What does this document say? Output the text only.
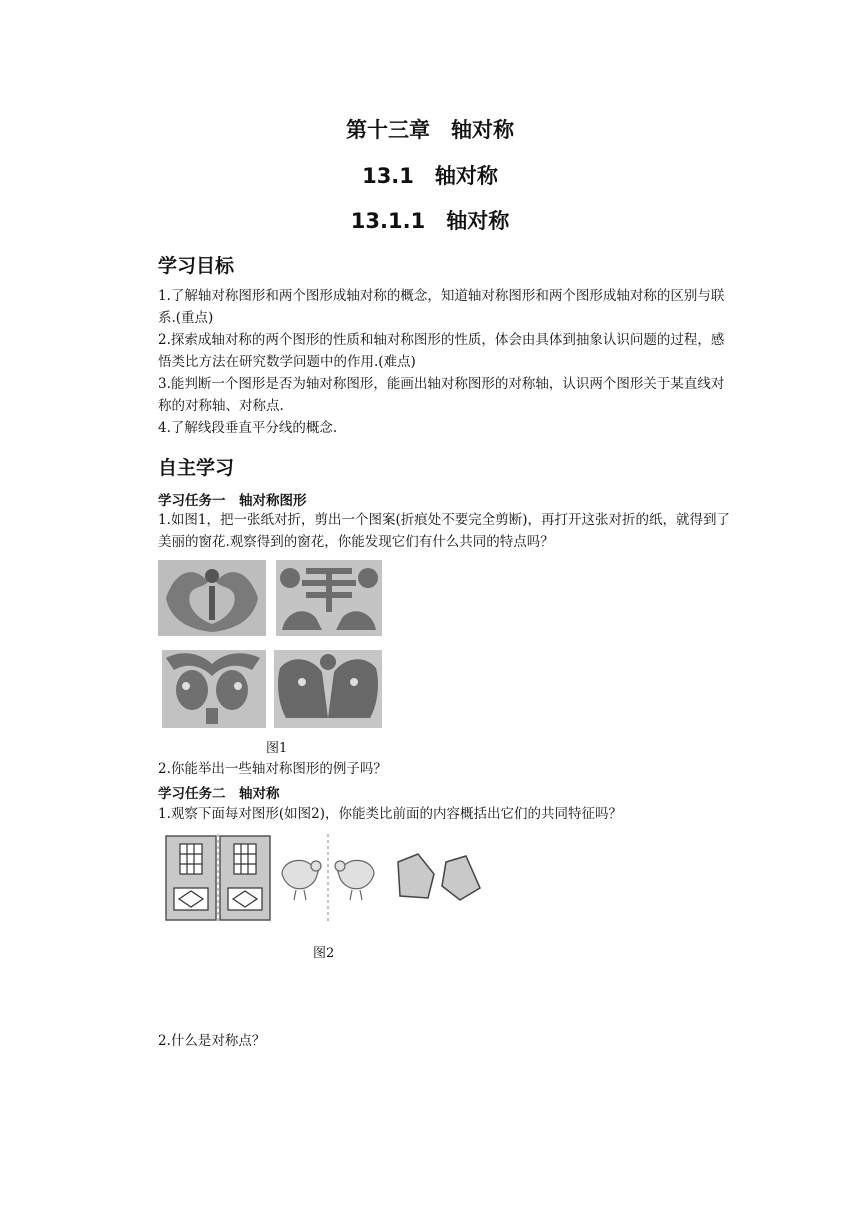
第十三章　轴对称
13.1　轴对称
13.1.1　轴对称
学习目标
1.了解轴对称图形和两个图形成轴对称的概念，知道轴对称图形和两个图形成轴对称的区别与联系.(重点)
2.探索成轴对称的两个图形的性质和轴对称图形的性质，体会由具体到抽象认识问题的过程，感悟类比方法在研究数学问题中的作用.(难点)
3.能判断一个图形是否为轴对称图形，能画出轴对称图形的对称轴，认识两个图形关于某直线对称的对称轴、对称点.
4.了解线段垂直平分线的概念.
自主学习
学习任务一　轴对称图形
1.如图1，把一张纸对折，剪出一个图案(折痕处不要完全剪断)，再打开这张对折的纸，就得到了美丽的窗花.观察得到的窗花，你能发现它们有什么共同的特点吗？
图1
2.你能举出一些轴对称图形的例子吗？
学习任务二　轴对称
1.观察下面每对图形(如图2)，你能类比前面的内容概括出它们的共同特征吗？
图2
2.什么是对称点？
